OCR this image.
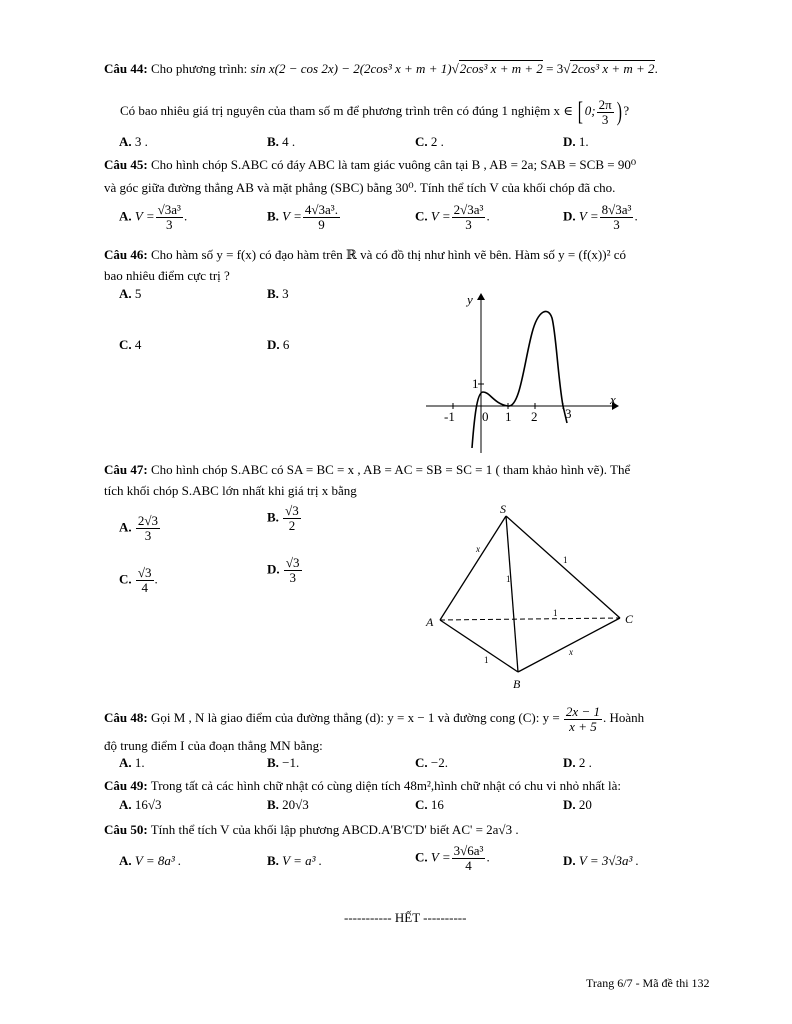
Câu 44: Cho phương trình: sin x(2 − cos 2x) − 2(2cos³ x + m + 1)√2cos³ x + m + 2 = 3√2cos³ x + m + 2.
Có bao nhiêu giá trị nguyên của tham số m để phương trình trên có đúng 1 nghiệm x ∈ [ 0; $\frac{2\pi}{3}$ ) ?
A. 3 .	B. 4 .	C. 2 .	D. 1.
Câu 45: Cho hình chóp S.ABC có đáy ABC là tam giác vuông cân tại B , AB = 2a; SAB = SCB = 90⁰
và góc giữa đường thẳng AB và mặt phẳng (SBC) bằng 30⁰. Tính thể tích V của khối chóp đã cho.
A. $V = \frac{\text{√3a³}}{3}$ .	B. $V = \frac{\text{4√3a³.}}{9}$	C. $V = \frac{\text{2√3a³}}{3}$ .	D. $V = \frac{\text{8√3a³}}{3}$ .
Câu 46: Cho hàm số y = f(x) có đạo hàm trên ℝ và có đồ thị như hình vẽ bên. Hàm số y = (f(x))² có
bao nhiêu điểm cực trị ?
A. 5	B. 3
C. 4	D. 6
x
y
-1 0 1 2 3
1
Câu 47: Cho hình chóp S.ABC có SA = BC = x , AB = AC = SB = SC = 1 ( tham khảo hình vẽ). Thể
tích khối chóp S.ABC lớn nhất khi giá trị x bằng
A. $\frac{2√3}{3}$	B. $\frac{√3}{2}$
C. $\frac{√3}{4}$ .
D. $\frac{√3}{3}$
S
A
B
C
x
1
1
1
1
x
Câu 48: Gọi M , N là giao điểm của đường thẳng (d): y = x − 1 và đường cong (C): $y = \frac{2x - 1}{x + 5}$ . Hoành
độ trung điểm I của đoạn thẳng MN bằng:
A. 1.	B. −1.	C. −2.	D. 2 .
Câu 49: Trong tất cả các hình chữ nhật có cùng diện tích 48m²,hình chữ nhật có chu vi nhỏ nhất là:
A. 16√3	B. 20√3	C. 16	D. 20
Câu 50: Tính thể tích V của khối lập phương ABCD.A'B'C'D' biết AC' = 2a√3 .
A. V = 8a³ .	B. V = a³ .	C. $V = \frac{\text{3√6a³}}{4}$ .	D. V = 3√3a³ .
----------- HẾT ----------
Trang 6/7 - Mã đề thi 132
